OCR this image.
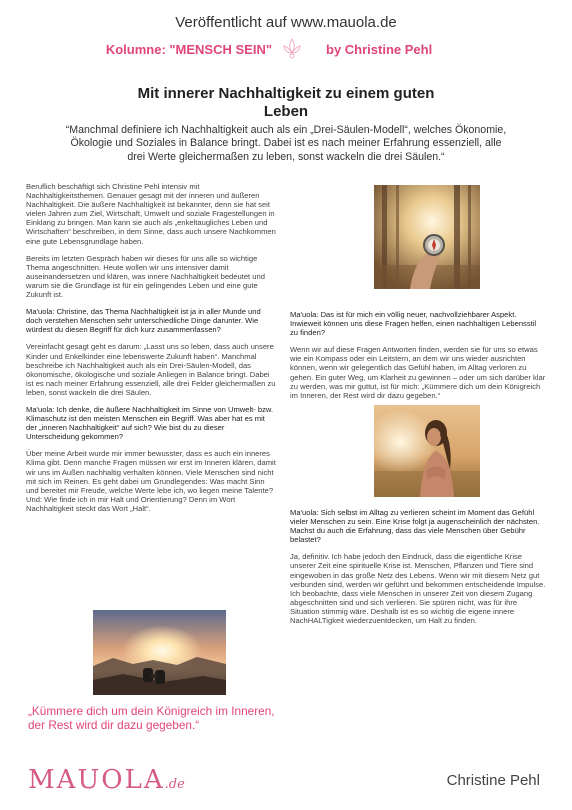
Veröffentlicht auf www.mauola.de
Kolumne: "MENSCH SEIN"	by Christine Pehl
Mit innerer Nachhaltigkeit zu einem guten
Leben
“Manchmal definiere ich Nachhaltigkeit auch als ein „Drei-Säulen-Modell“, welches Ökonomie, Ökologie und Soziales in Balance bringt. Dabei ist es nach meiner Erfahrung essenziell, alle drei Werte gleichermaßen zu leben, sonst wackeln die drei Säulen.“

Beruflich beschäftigt sich Christine Pehl intensiv mit Nachhaltigkeitsthemen. Genauer gesagt mit der inneren und äußeren Nachhaltigkeit. Die äußere Nachhaltigkeit ist bekannter, denn sie hat seit vielen Jahren zum Ziel, Wirtschaft, Umwelt und soziale Fragestellungen in Einklang zu bringen. Man kann sie auch als „enkeltaugliches Leben und Wirtschaften“ beschreiben, in dem Sinne, dass auch unsere Nachkommen eine gute Lebensgrundlage haben.

Bereits im letzten Gespräch haben wir dieses für uns alle so wichtige Thema angeschnitten. Heute wollen wir uns intensiver damit auseinandersetzen und klären, was innere Nachhaltigkeit bedeutet und warum sie die Grundlage ist für ein gelingendes Leben und eine gute Zukunft ist.

Ma'uola: Christine, das Thema Nachhaltigkeit ist ja in aller Munde und doch verstehen Menschen sehr unterschiedliche Dinge darunter. Wie würdest du diesen Begriff für dich kurz zusammenfassen?

Vereinfacht gesagt geht es darum: „Lasst uns so leben, dass auch unsere Kinder und Enkelkinder eine lebenswerte Zukunft haben“. Manchmal beschreibe ich Nachhaltigkeit auch als ein Drei-Säulen-Modell, das ökonomische, ökologische und soziale Anliegen in Balance bringt. Dabei ist es nach meiner Erfahrung essenziell, alle drei Felder gleichermaßen zu leben, sonst wackeln die drei Säulen.

Ma'uola: Ich denke, die äußere Nachhaltigkeit im Sinne von Umwelt- bzw. Klimaschutz ist den meisten Menschen ein Begriff. Was aber hat es mit der „inneren Nachhaltigkeit“ auf sich? Wie bist du zu dieser Unterscheidung gekommen?

Über meine Arbeit wurde mir immer bewusster, dass es auch ein inneres Klima gibt. Denn manche Fragen müssen wir erst im Inneren klären, damit wir uns im Außen nachhaltig verhalten können. Viele Menschen sind nicht mit sich im Reinen. Es geht dabei um Grundlegendes: Was macht Sinn und bereitet mir Freude, welche Werte lebe ich, wo liegen meine Talente? Und: Wie finde ich in mir Halt und Orientierung? Denn im Wort Nachhaltigkeit steckt das Wort „Halt“.

Ma'uola: Das ist für mich ein völlig neuer, nachvollziehbarer Aspekt. Inwieweit können uns diese Fragen helfen, einen nachhaltigen Lebensstil zu finden?

Wenn wir auf diese Fragen Antworten finden, werden sie für uns so etwas wie ein Kompass oder ein Leitstern, an dem wir uns wieder ausrichten können, wenn wir gelegentlich das Gefühl haben, im Alltag verloren zu gehen. Ein guter Weg, um Klarheit zu gewinnen – oder um sich darüber klar zu werden, was mir guttut, ist für mich: „Kümmere dich um dein Königreich im Inneren, der Rest wird dir dazu gegeben.“

Ma'uola: Sich selbst im Alltag zu verlieren scheint im Moment das Gefühl vieler Menschen zu sein. Eine Krise folgt ja augenscheinlich der nächsten. Machst du auch die Erfahrung, dass das viele Menschen über Gebühr belastet?

Ja, definitiv. Ich habe jedoch den Eindruck, dass die eigentliche Krise unserer Zeit eine spirituelle Krise ist. Menschen, Pflanzen und Tiere sind eingewoben in das große Netz des Lebens. Wenn wir mit diesem Netz gut verbunden sind, werden wir geführt und bekommen entscheidende Impulse. Ich beobachte, dass viele Menschen in unserer Zeit von diesem Zugang abgeschnitten sind und sich verlieren. Sie spüren nicht, was für ihre Situation stimmig wäre. Deshalb ist es so wichtig die eigene innere NachHALTigkeit wiederzuentdecken, um Halt zu finden.

„Kümmere dich um dein Königreich im Inneren, der Rest wird dir dazu gegeben.“
MAUOLA.de	Christine Pehl
